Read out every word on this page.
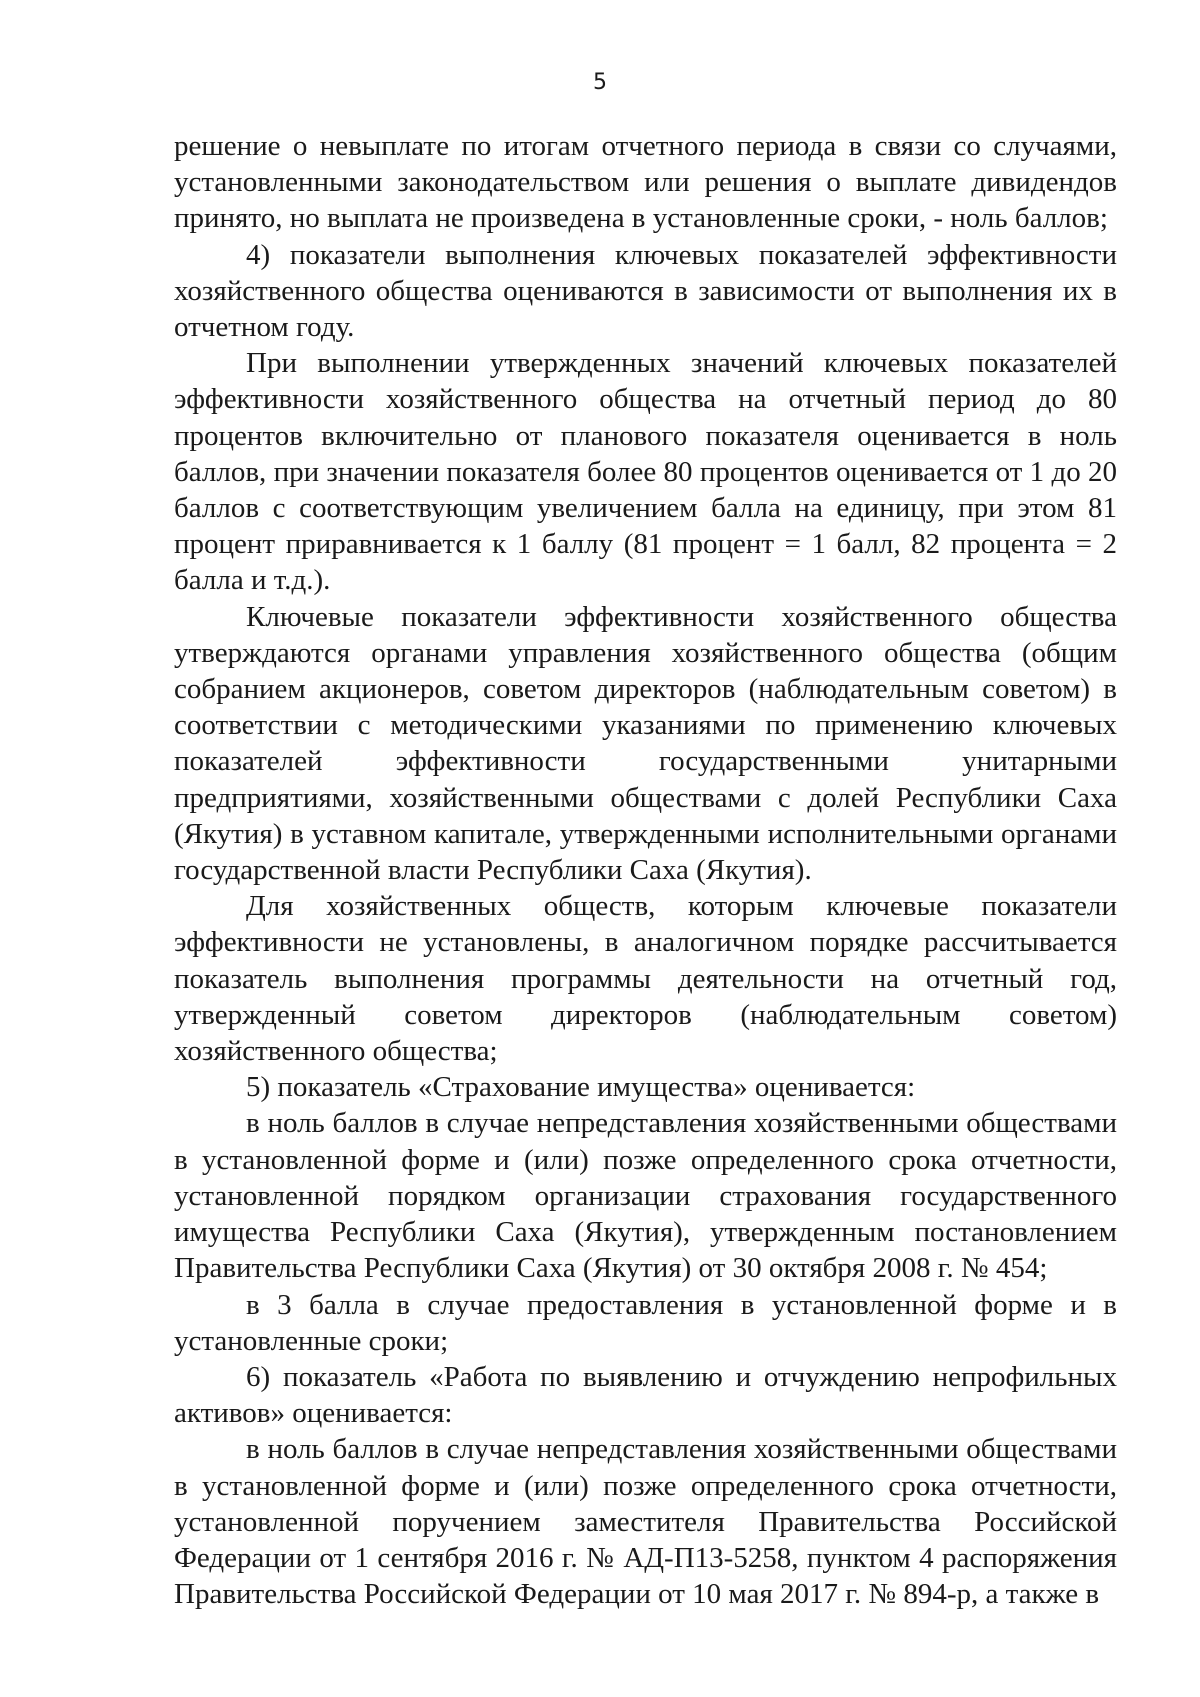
5

решение о невыплате по итогам отчетного периода в связи со случаями, установленными законодательством или решения о выплате дивидендов принято, но выплата не произведена в установленные сроки, - ноль баллов;

4) показатели выполнения ключевых показателей эффективности хозяйственного общества оцениваются в зависимости от выполнения их в отчетном году.

При выполнении утвержденных значений ключевых показателей эффективности хозяйственного общества на отчетный период до 80 процентов включительно от планового показателя оценивается в ноль баллов, при значении показателя более 80 процентов оценивается от 1 до 20 баллов с соответствующим увеличением балла на единицу, при этом 81 процент приравнивается к 1 баллу (81 процент = 1 балл, 82 процента = 2 балла и т.д.).

Ключевые показатели эффективности хозяйственного общества утверждаются органами управления хозяйственного общества (общим собранием акционеров, советом директоров (наблюдательным советом) в соответствии с методическими указаниями по применению ключевых показателей эффективности государственными унитарными предприятиями, хозяйственными обществами с долей Республики Саха (Якутия) в уставном капитале, утвержденными исполнительными органами государственной власти Республики Саха (Якутия).

Для хозяйственных обществ, которым ключевые показатели эффективности не установлены, в аналогичном порядке рассчитывается показатель выполнения программы деятельности на отчетный год, утвержденный советом директоров (наблюдательным советом) хозяйственного общества;

5) показатель «Страхование имущества» оценивается:

в ноль баллов в случае непредставления хозяйственными обществами в установленной форме и (или) позже определенного срока отчетности, установленной порядком организации страхования государственного имущества Республики Саха (Якутия), утвержденным постановлением Правительства Республики Саха (Якутия) от 30 октября 2008 г. № 454;

в 3 балла в случае предоставления в установленной форме и в установленные сроки;

6) показатель «Работа по выявлению и отчуждению непрофильных активов» оценивается:

в ноль баллов в случае непредставления хозяйственными обществами в установленной форме и (или) позже определенного срока отчетности, установленной поручением заместителя Правительства Российской Федерации от 1 сентября 2016 г. № АД-П13-5258, пунктом 4 распоряжения Правительства Российской Федерации от 10 мая 2017 г. № 894-р, а также в
